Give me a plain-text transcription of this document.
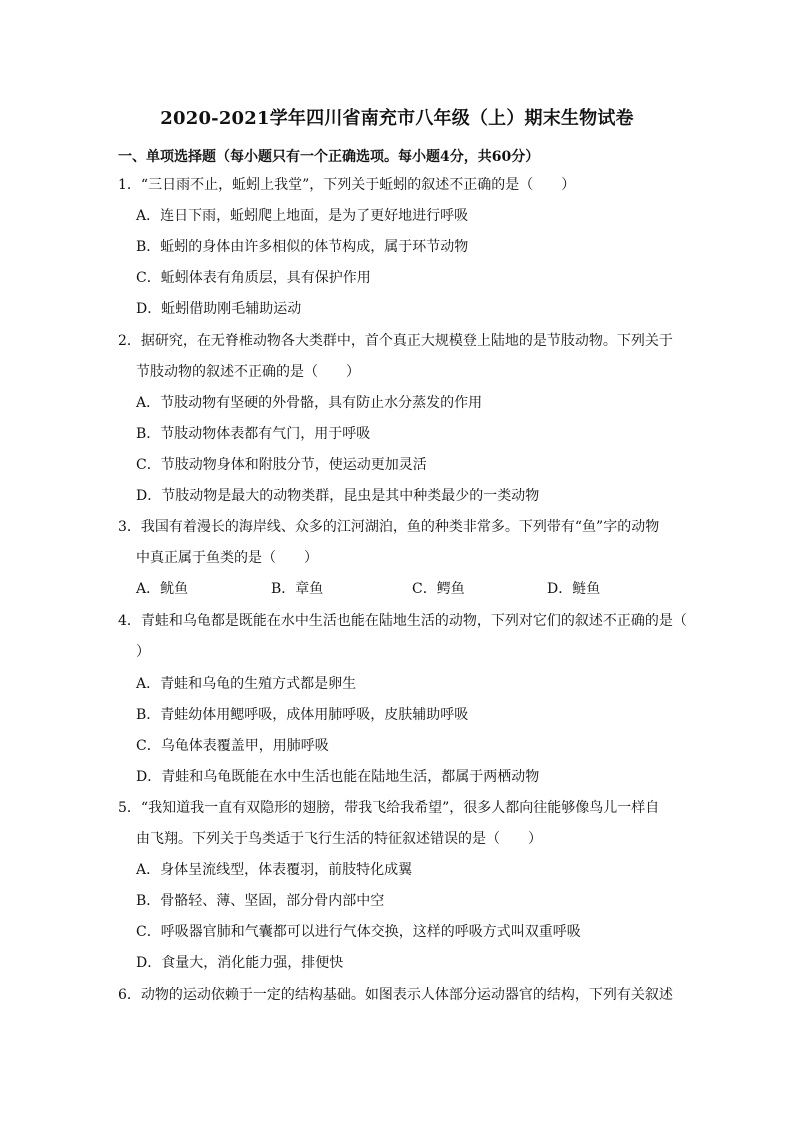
2020-2021学年四川省南充市八年级（上）期末生物试卷
一、单项选择题（每小题只有一个正确选项。每小题4分，共60分）
1．“三日雨不止，蚯蚓上我堂”，下列关于蚯蚓的叙述不正确的是（　　）
A．连日下雨，蚯蚓爬上地面，是为了更好地进行呼吸
B．蚯蚓的身体由许多相似的体节构成，属于环节动物
C．蚯蚓体表有角质层，具有保护作用
D．蚯蚓借助刚毛辅助运动
2．据研究，在无脊椎动物各大类群中，首个真正大规模登上陆地的是节肢动物。下列关于
节肢动物的叙述不正确的是（　　）
A．节肢动物有坚硬的外骨骼，具有防止水分蒸发的作用
B．节肢动物体表都有气门，用于呼吸
C．节肢动物身体和附肢分节，使运动更加灵活
D．节肢动物是最大的动物类群，昆虫是其中种类最少的一类动物
3．我国有着漫长的海岸线、众多的江河湖泊，鱼的种类非常多。下列带有“鱼”字的动物
中真正属于鱼类的是（　　）
A．鱿鱼	B．章鱼	C．鳄鱼	D．鲢鱼
4．青蛙和乌龟都是既能在水中生活也能在陆地生活的动物，下列对它们的叙述不正确的是（
）
A．青蛙和乌龟的生殖方式都是卵生
B．青蛙幼体用鳃呼吸，成体用肺呼吸，皮肤辅助呼吸
C．乌龟体表覆盖甲，用肺呼吸
D．青蛙和乌龟既能在水中生活也能在陆地生活，都属于两栖动物
5．“我知道我一直有双隐形的翅膀，带我飞给我希望”，很多人都向往能够像鸟儿一样自
由飞翔。下列关于鸟类适于飞行生活的特征叙述错误的是（　　）
A．身体呈流线型，体表覆羽，前肢特化成翼
B．骨骼轻、薄、坚固，部分骨内部中空
C．呼吸器官肺和气囊都可以进行气体交换，这样的呼吸方式叫双重呼吸
D．食量大，消化能力强，排便快
6．动物的运动依赖于一定的结构基础。如图表示人体部分运动器官的结构，下列有关叙述
